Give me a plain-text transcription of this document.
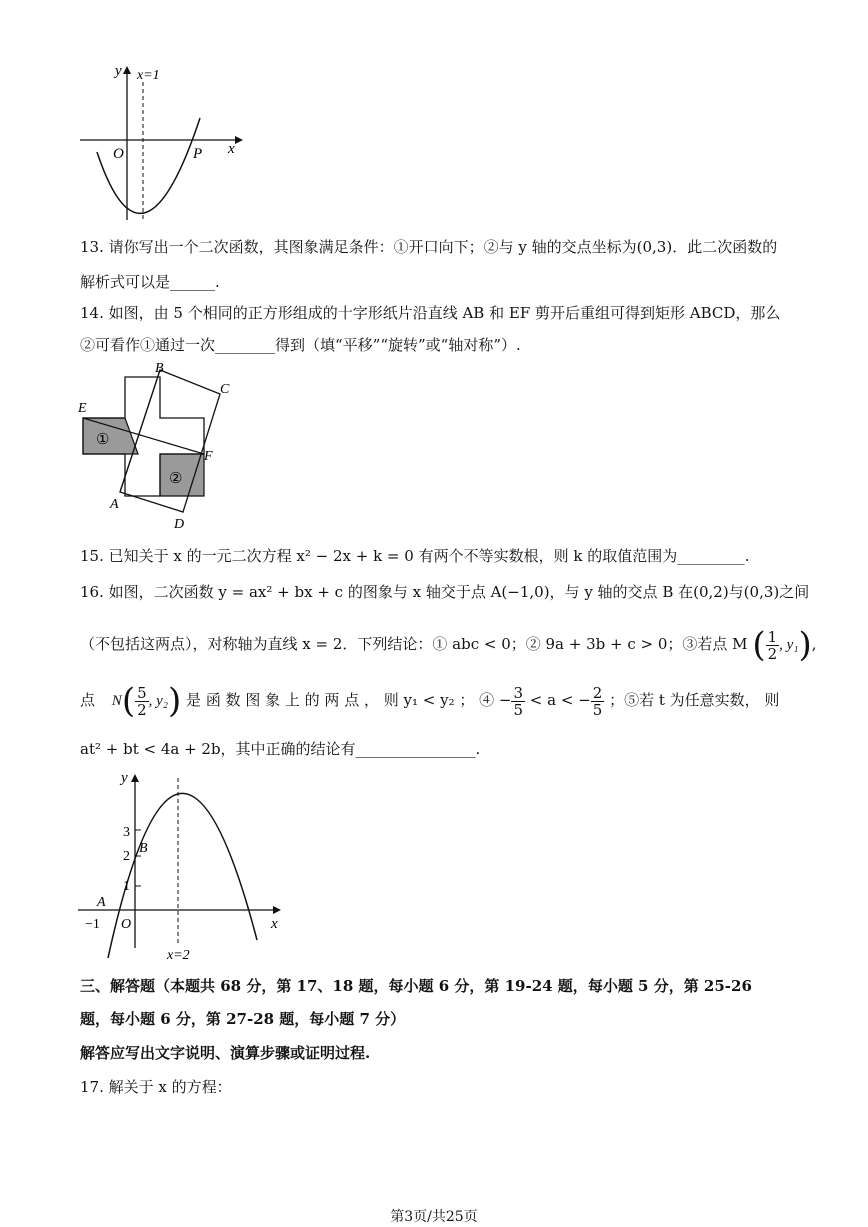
y x=1
x
O	P
13. 请你写出一个二次函数，其图象满足条件：①开口向下；②与 y 轴的交点坐标为(0,3)．此二次函数的
解析式可以是______.
14. 如图，由 5 个相同的正方形组成的十字形纸片沿直线 AB 和 EF 剪开后重组可得到矩形 ABCD，那么
②可看作①通过一次________得到（填“平移”“旋转”或“轴对称”）.
B
C
E
F
A
D
①
②
15. 已知关于 x 的一元二次方程 x² − 2x + k = 0 有两个不等实数根，则 k 的取值范围为_________.
16. 如图，二次函数 y = ax² + bx + c 的图象与 x 轴交于点 A(−1,0)，与 y 轴的交点 B 在(0,2)与(0,3)之间
（不包括这两点），对称轴为直线 x = 2．下列结论：① abc < 0；② 9a + 3b + c > 0；③若点 M ( $\frac{1}{2}$ , y₁),
点 $N( \frac{5}{2}$ , y₂) 是 函 数 图 象 上 的 两 点 ， 则 y₁ < y₂ ； ④ − $\frac{3}{5} < a$ < − $\frac{2}{5}$ ；⑤若 t 为任意实数， 则
at² + bt < 4a + 2b，其中正确的结论有________________.
y
x
3
2
B
1
A
−1 O
x=2
三、解答题（本题共 68 分，第 17、18 题，每小题 6 分，第 19-24 题，每小题 5 分，第 25-26
题，每小题 6 分，第 27-28 题，每小题 7 分）
解答应写出文字说明、演算步骤或证明过程.
17. 解关于 x 的方程：
第3页/共25页
